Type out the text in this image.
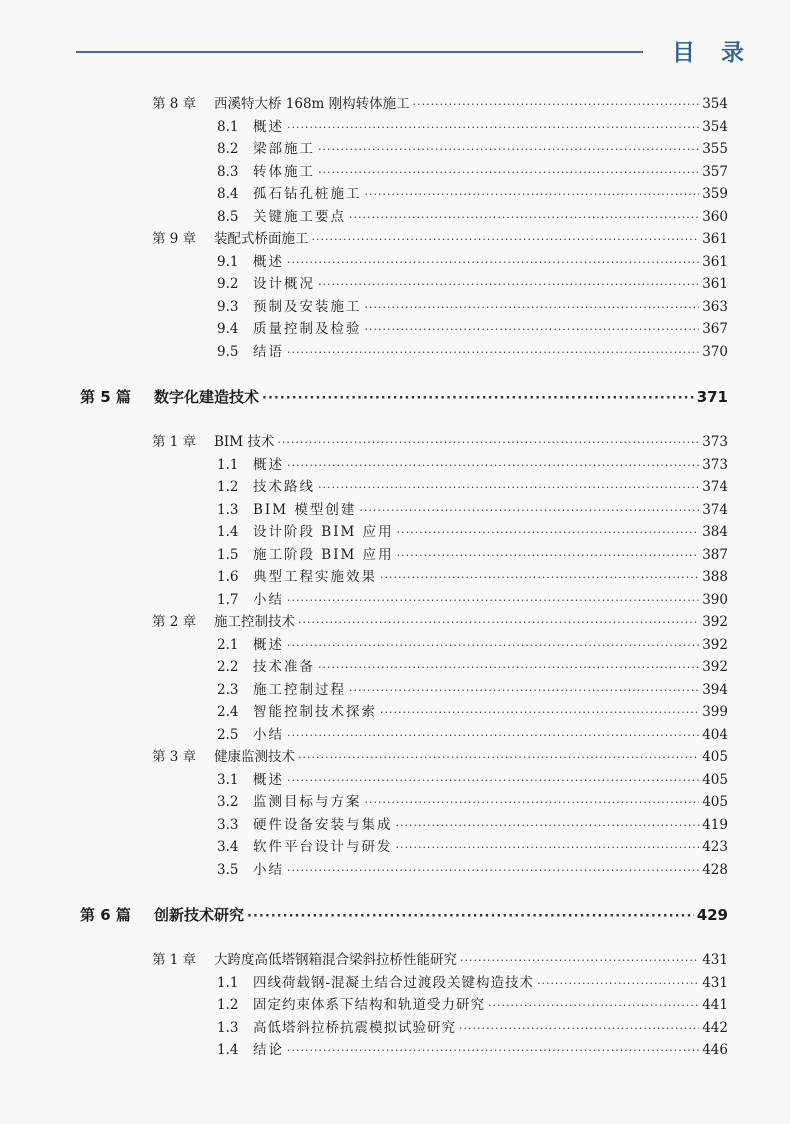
目 录
第 8 章	西溪特大桥 168m 刚构转体施工 ·····	354
8.1	概述 ·····	354
8.2	梁部施工 ·····	355
8.3	转体施工 ·····	357
8.4	孤石钻孔桩施工 ·····	359
8.5	关键施工要点 ·····	360
第 9 章	装配式桥面施工 ·····	361
9.1	概述 ·····	361
9.2	设计概况 ·····	361
9.3	预制及安装施工 ·····	363
9.4	质量控制及检验 ·····	367
9.5	结语 ·····	370
第 5 篇	数字化建造技术 ·····	371
第 1 章	BIM 技术 ·····	373
1.1	概述 ·····	373
1.2	技术路线 ·····	374
1.3	BIM 模型创建 ·····	374
1.4	设计阶段 BIM 应用 ·····	384
1.5	施工阶段 BIM 应用 ·····	387
1.6	典型工程实施效果 ·····	388
1.7	小结 ·····	390
第 2 章	施工控制技术 ·····	392
2.1	概述 ·····	392
2.2	技术准备 ·····	392
2.3	施工控制过程 ·····	394
2.4	智能控制技术探索 ·····	399
2.5	小结 ·····	404
第 3 章	健康监测技术 ·····	405
3.1	概述 ·····	405
3.2	监测目标与方案 ·····	405
3.3	硬件设备安装与集成 ·····	419
3.4	软件平台设计与研发 ·····	423
3.5	小结 ·····	428
第 6 篇	创新技术研究 ·····	429
第 1 章	大跨度高低塔钢箱混合梁斜拉桥性能研究 ·····	431
1.1	四线荷载钢-混凝土结合过渡段关键构造技术 ·····	431
1.2	固定约束体系下结构和轨道受力研究 ·····	441
1.3	高低塔斜拉桥抗震模拟试验研究 ·····	442
1.4	结论 ·····	446
